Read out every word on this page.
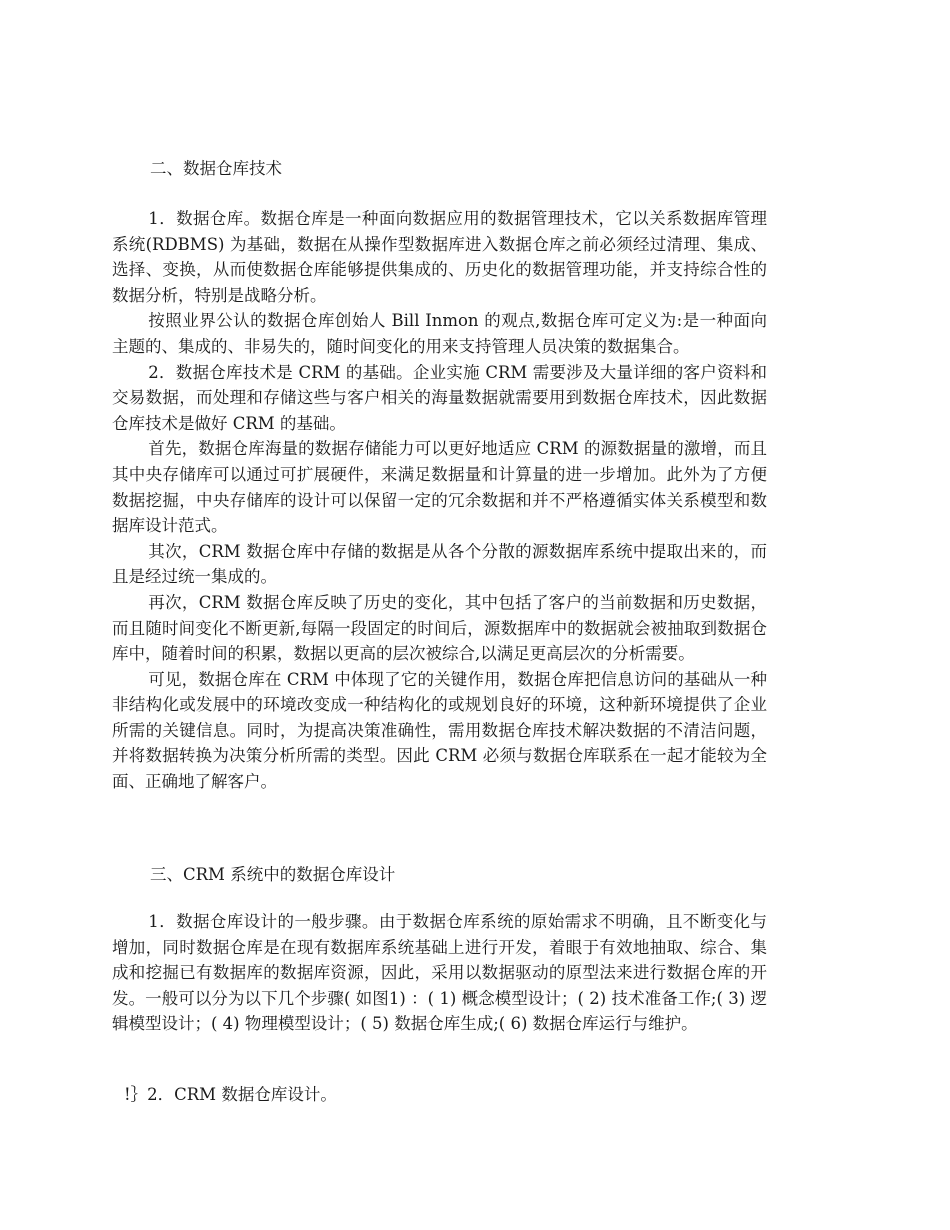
二、数据仓库技术

1．数据仓库。数据仓库是一种面向数据应用的数据管理技术，它以关系数据库管理系统(RDBMS) 为基础，数据在从操作型数据库进入数据仓库之前必须经过清理、集成、选择、变换，从而使数据仓库能够提供集成的、历史化的数据管理功能，并支持综合性的数据分析，特别是战略分析。

按照业界公认的数据仓库创始人 Bill Inmon 的观点,数据仓库可定义为:是一种面向主题的、集成的、非易失的，随时间变化的用来支持管理人员决策的数据集合。

2．数据仓库技术是 CRM 的基础。企业实施 CRM 需要涉及大量详细的客户资料和交易数据，而处理和存储这些与客户相关的海量数据就需要用到数据仓库技术，因此数据仓库技术是做好 CRM 的基础。

首先，数据仓库海量的数据存储能力可以更好地适应 CRM 的源数据量的激增，而且其中央存储库可以通过可扩展硬件，来满足数据量和计算量的进一步增加。此外为了方便数据挖掘，中央存储库的设计可以保留一定的冗余数据和并不严格遵循实体关系模型和数据库设计范式。

其次，CRM 数据仓库中存储的数据是从各个分散的源数据库系统中提取出来的，而且是经过统一集成的。

再次，CRM 数据仓库反映了历史的变化，其中包括了客户的当前数据和历史数据，而且随时间变化不断更新,每隔一段固定的时间后，源数据库中的数据就会被抽取到数据仓库中，随着时间的积累，数据以更高的层次被综合,以满足更高层次的分析需要。

可见，数据仓库在 CRM 中体现了它的关键作用，数据仓库把信息访问的基础从一种非结构化或发展中的环境改变成一种结构化的或规划良好的环境，这种新环境提供了企业所需的关键信息。同时，为提高决策准确性，需用数据仓库技术解决数据的不清洁问题，并将数据转换为决策分析所需的类型。因此 CRM 必须与数据仓库联系在一起才能较为全面、正确地了解客户。

三、CRM 系统中的数据仓库设计

1．数据仓库设计的一般步骤。由于数据仓库系统的原始需求不明确，且不断变化与增加，同时数据仓库是在现有数据库系统基础上进行开发，着眼于有效地抽取、综合、集成和挖掘已有数据库的数据库资源，因此，采用以数据驱动的原型法来进行数据仓库的开发。一般可以分为以下几个步骤( 如图1) ：( 1) 概念模型设计；( 2) 技术准备工作;( 3) 逻辑模型设计；( 4) 物理模型设计；( 5) 数据仓库生成;( 6) 数据仓库运行与维护。

!｝2．CRM 数据仓库设计。
